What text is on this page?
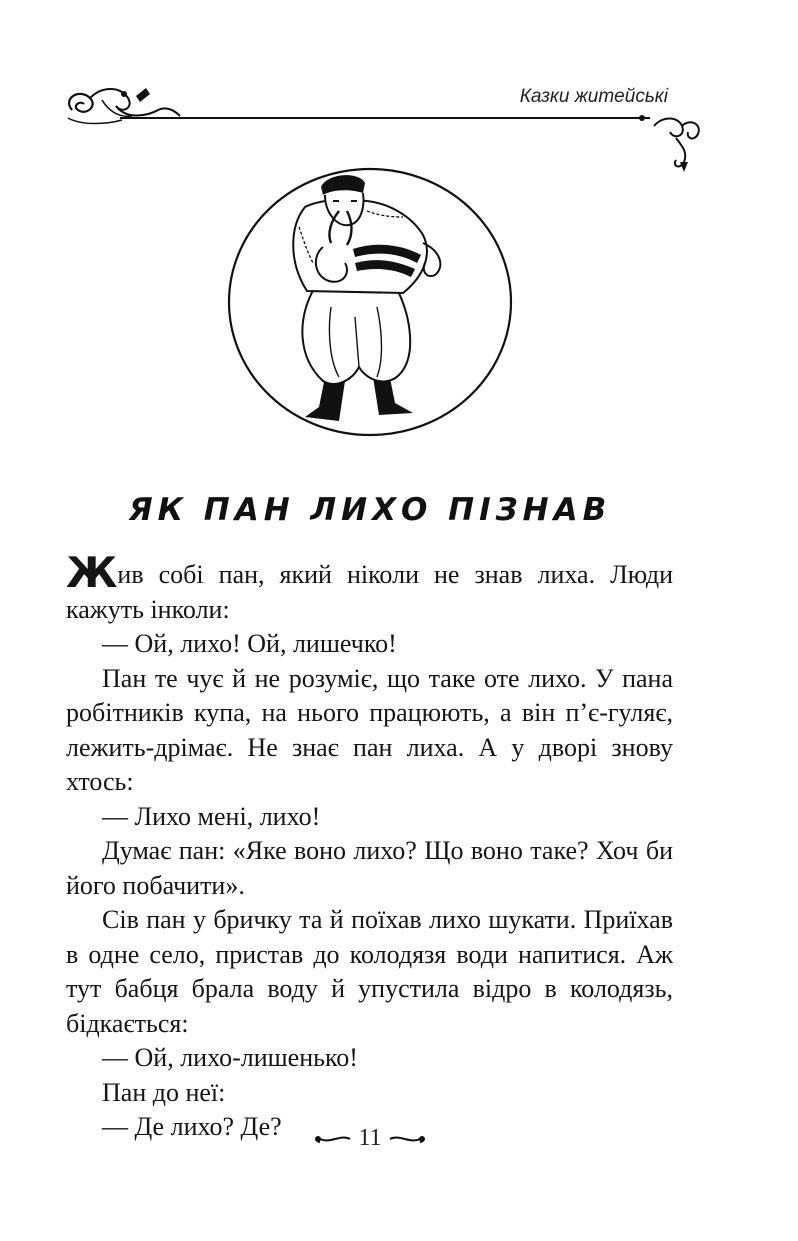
Казки житейські
ЯК ПАН ЛИХО ПІЗНАВ

Жив собі пан, який ніколи не знав лиха. Люди кажуть інколи:

— Ой, лихо! Ой, лишечко!

Пан те чує й не розуміє, що таке оте лихо. У пана робітників купа, на нього працюють, а він п’є-гуляє, лежить-дрімає. Не знає пан лиха. А у дворі знову хтось:

— Лихо мені, лихо!

Думає пан: «Яке воно лихо? Що воно таке? Хоч би його побачити».

Сів пан у бричку та й поїхав лихо шукати. Приїхав в одне село, пристав до колодязя води напитися. Аж тут бабця брала воду й упустила відро в колодязь, бідкається:

— Ой, лихо-лишенько!

Пан до неї:

— Де лихо? Де?	11
